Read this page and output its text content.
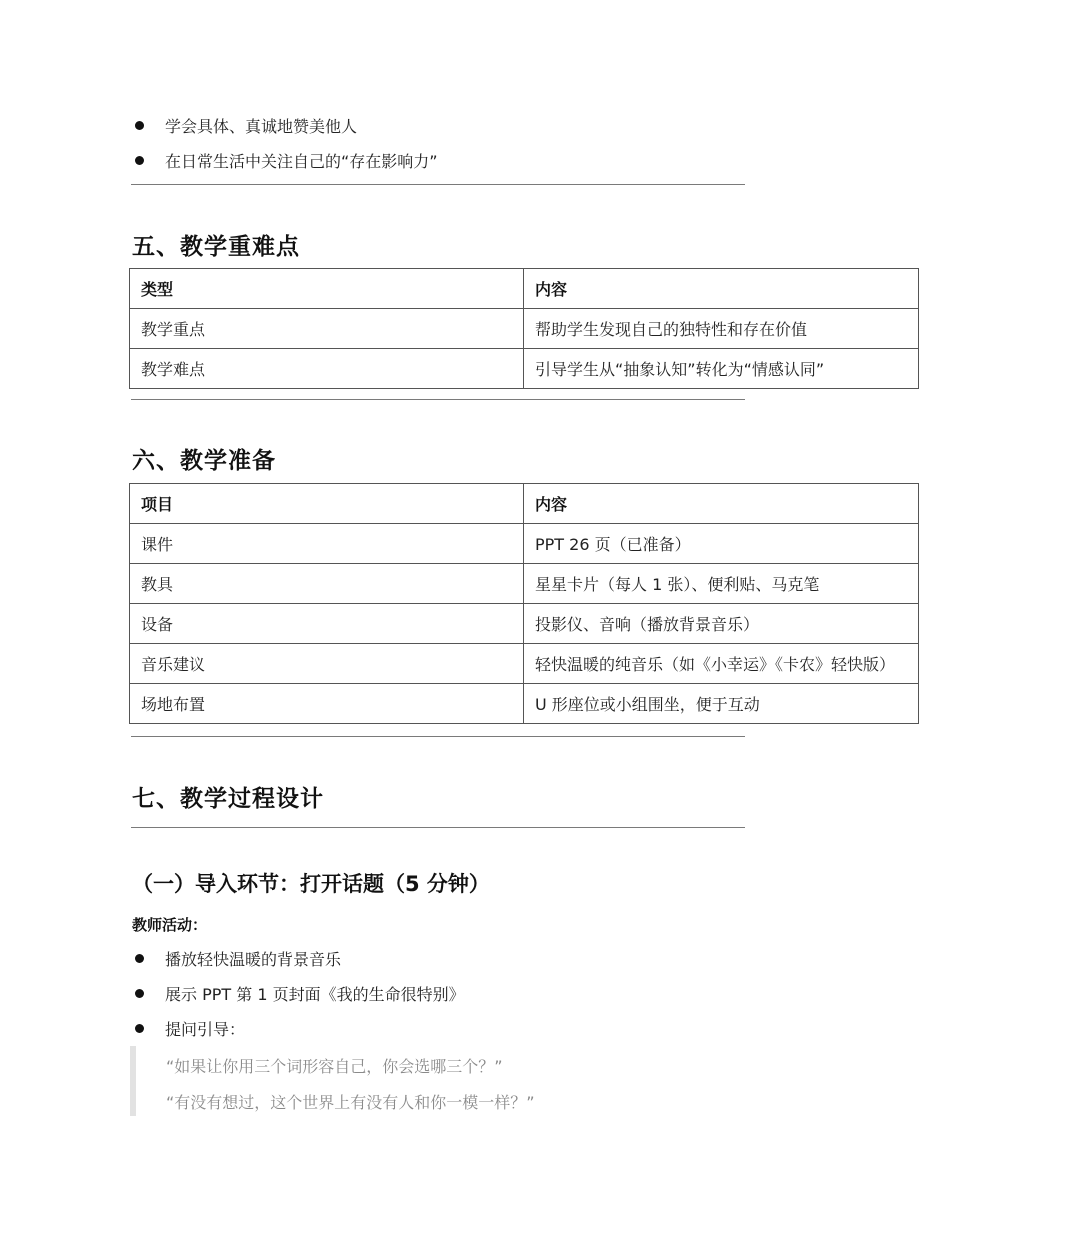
学会具体、真诚地赞美他人
在日常生活中关注自己的“存在影响力”
五、教学重难点
类型	内容
教学重点	帮助学生发现自己的独特性和存在价值
教学难点	引导学生从“抽象认知”转化为“情感认同”
六、教学准备
项目	内容
课件	PPT 26 页（已准备）
教具	星星卡片（每人 1 张）、便利贴、马克笔
设备	投影仪、音响（播放背景音乐）
音乐建议	轻快温暖的纯音乐（如《小幸运》《卡农》轻快版）
场地布置	U 形座位或小组围坐，便于互动
七、教学过程设计
（一）导入环节：打开话题（5 分钟）
教师活动：
播放轻快温暖的背景音乐
展示 PPT 第 1 页封面《我的生命很特别》
提问引导：
“如果让你用三个词形容自己，你会选哪三个？”
“有没有想过，这个世界上有没有人和你一模一样？”
